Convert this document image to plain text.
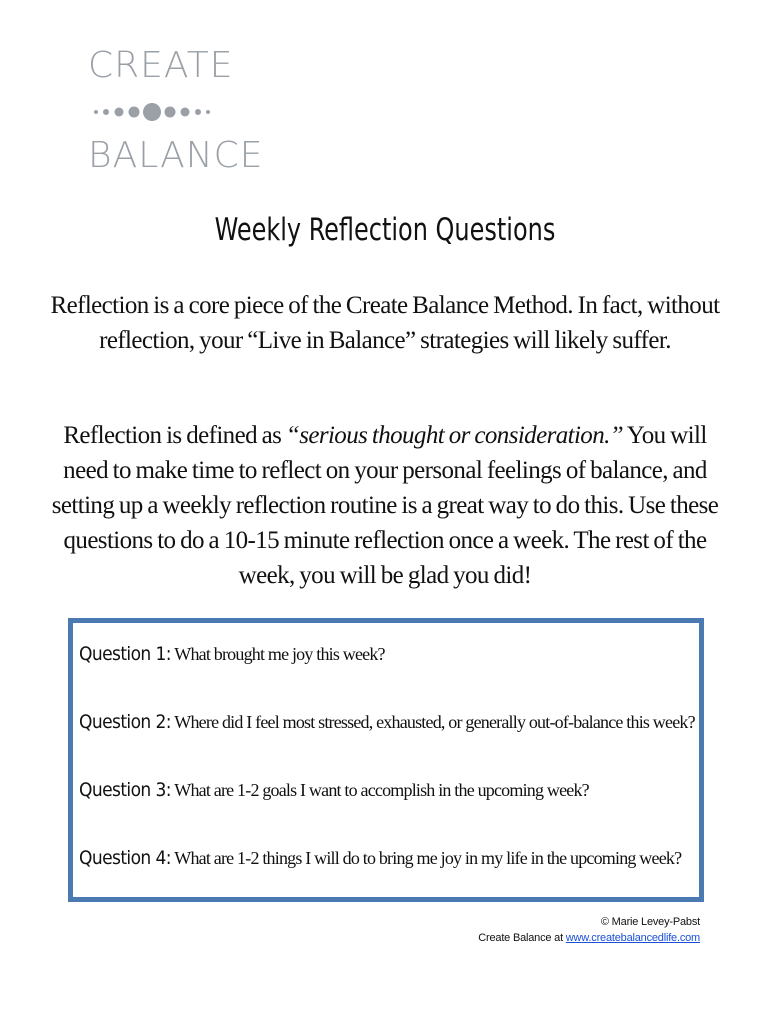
CREATE
BALANCE
Weekly Reflection Questions

Reflection is a core piece of the Create Balance Method. In fact, without reflection, your “Live in Balance” strategies will likely suffer.

Reflection is defined as “serious thought or consideration.” You will need to make time to reflect on your personal feelings of balance, and setting up a weekly reflection routine is a great way to do this. Use these questions to do a 10-15 minute reflection once a week. The rest of the week, you will be glad you did!

Question 1: What brought me joy this week?
Question 2: Where did I feel most stressed, exhausted, or generally out-of-balance this week?
Question 3: What are 1-2 goals I want to accomplish in the upcoming week?
Question 4: What are 1-2 things I will do to bring me joy in my life in the upcoming week?
© Marie Levey-Pabst
Create Balance at www.createbalancedlife.com
